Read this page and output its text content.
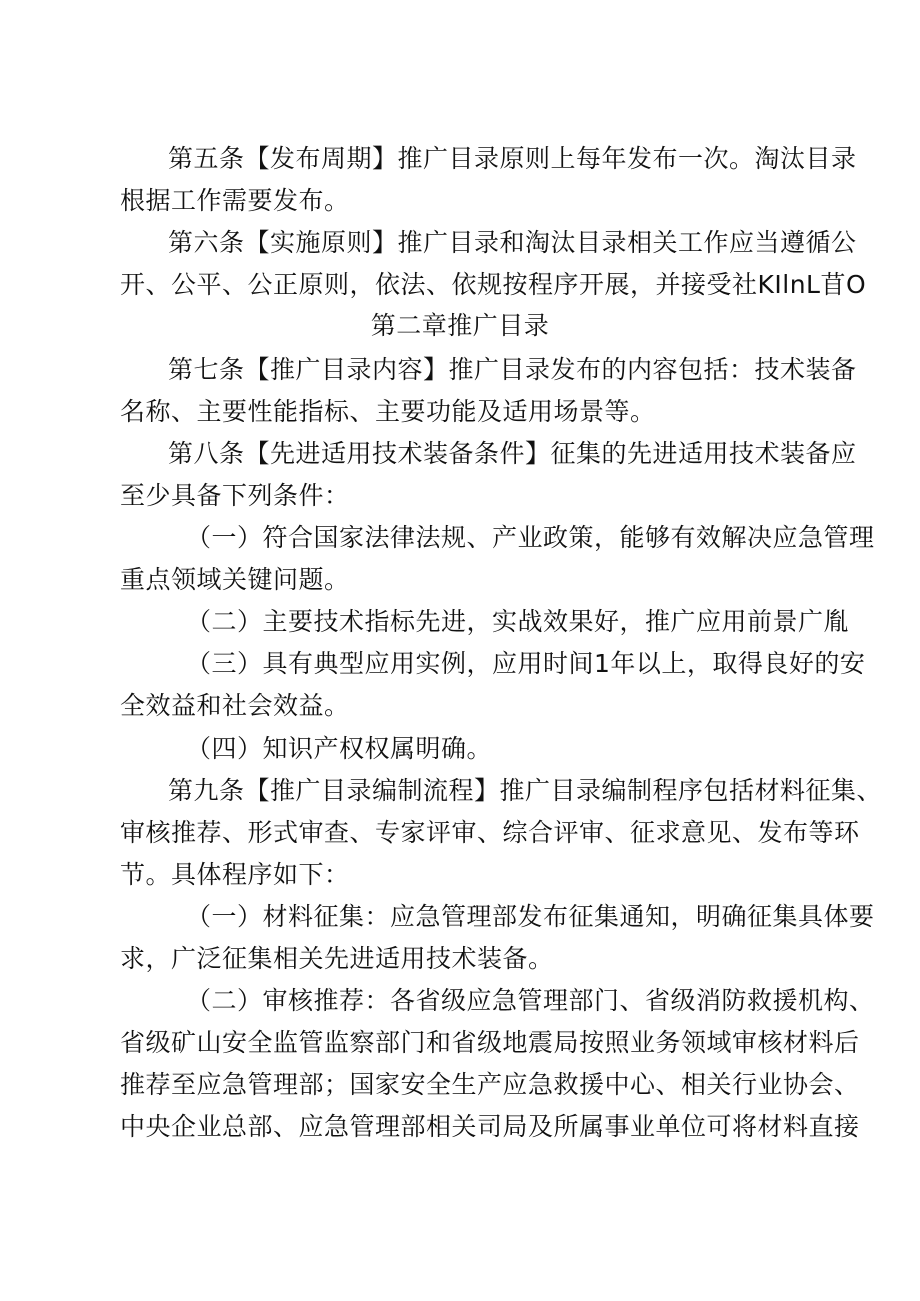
第五条【发布周期】推广目录原则上每年发布一次。淘汰目录
根据工作需要发布。
第六条【实施原则】推广目录和淘汰目录相关工作应当遵循公
开、公平、公正原则，依法、依规按程序开展，并接受社KⅠlnL苜O
第二章推广目录
第七条【推广目录内容】推广目录发布的内容包括：技术装备
名称、主要性能指标、主要功能及适用场景等。
第八条【先进适用技术装备条件】征集的先进适用技术装备应
至少具备下列条件：
（一）符合国家法律法规、产业政策，能够有效解决应急管理
重点领域关键问题。
（二）主要技术指标先进，实战效果好，推广应用前景广胤
（三）具有典型应用实例，应用时间1年以上，取得良好的安
全效益和社会效益。
（四）知识产权权属明确。
第九条【推广目录编制流程】推广目录编制程序包括材料征集、
审核推荐、形式审查、专家评审、综合评审、征求意见、发布等环
节。具体程序如下：
（一）材料征集：应急管理部发布征集通知，明确征集具体要
求，广泛征集相关先进适用技术装备。
（二）审核推荐：各省级应急管理部门、省级消防救援机构、
省级矿山安全监管监察部门和省级地震局按照业务领域审核材料后
推荐至应急管理部；国家安全生产应急救援中心、相关行业协会、
中央企业总部、应急管理部相关司局及所属事业单位可将材料直接
